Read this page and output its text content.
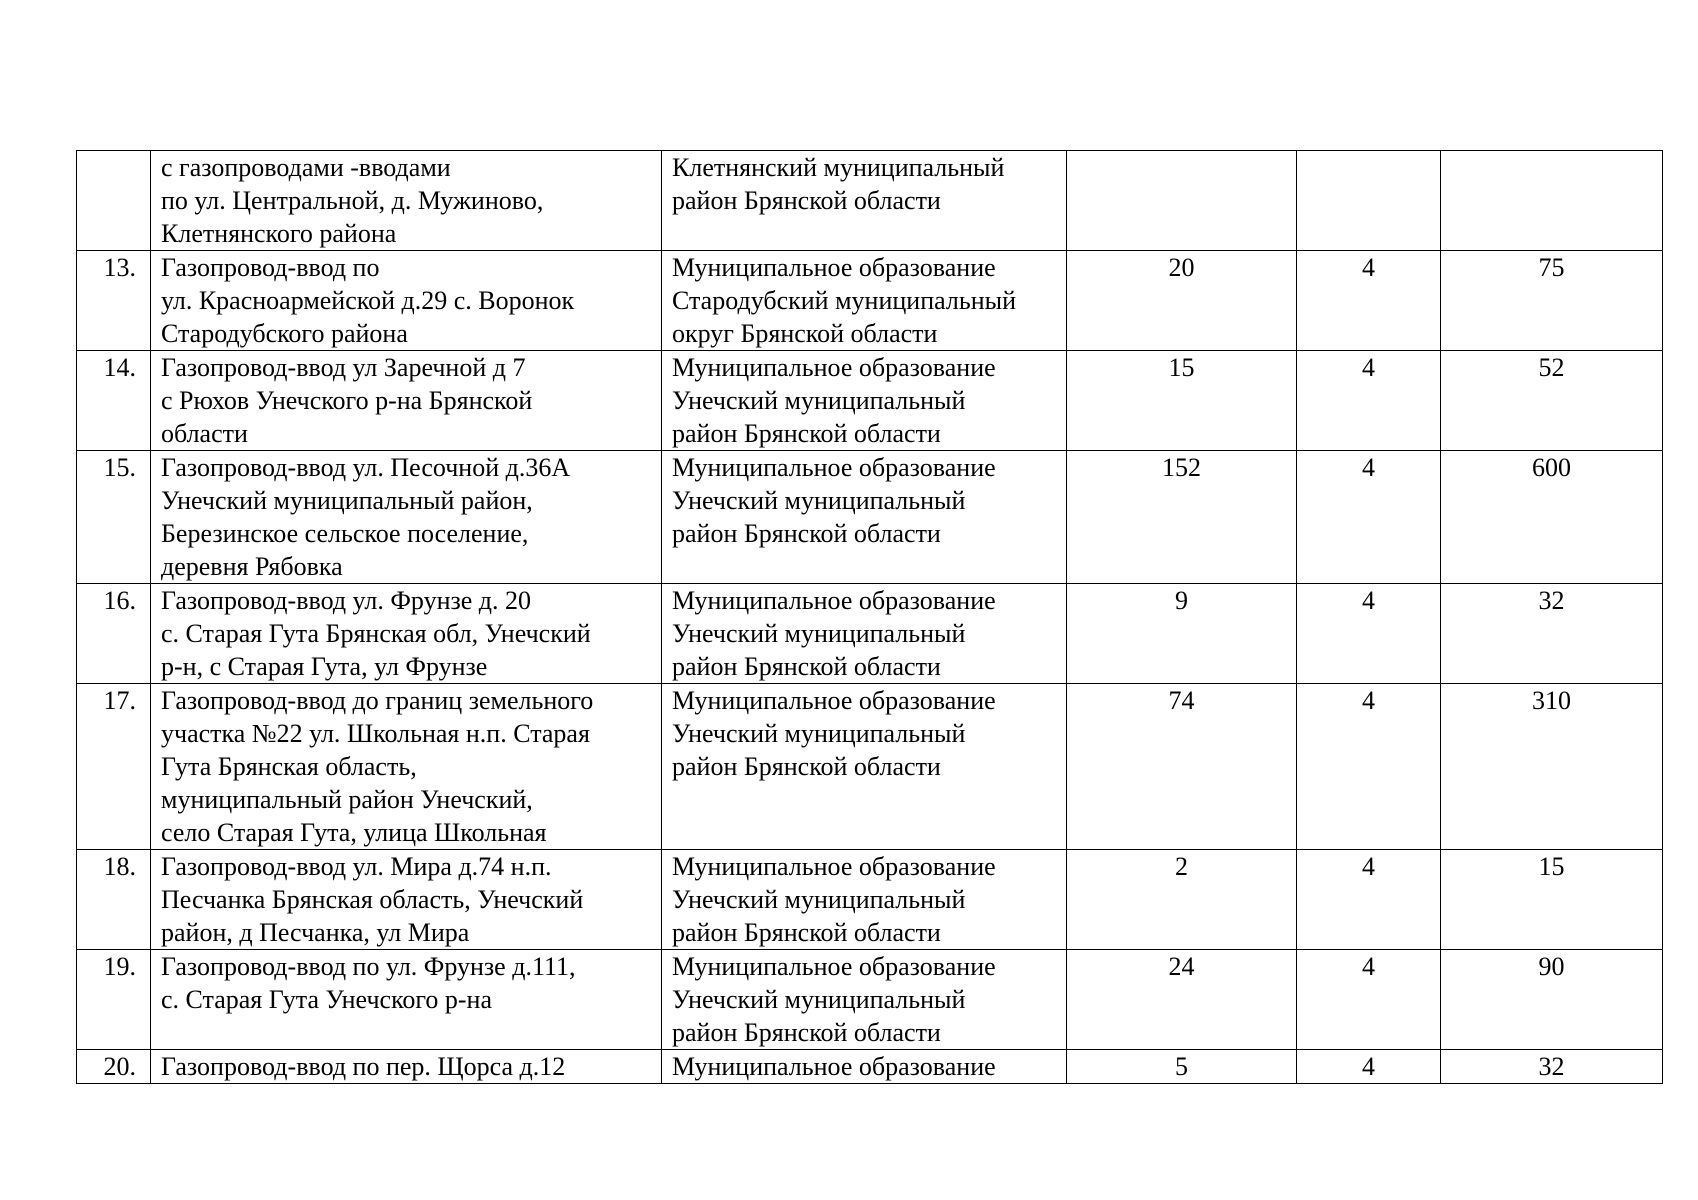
	с газопроводами -вводами
по ул. Центральной, д. Мужиново,
Клетнянского района	Клетнянский муниципальный
район Брянской области			

13.	Газопровод-ввод по
ул. Красноармейской д.29 с. Воронок
Стародубского района	Муниципальное образование
Стародубский муниципальный
округ Брянской области	20	4	75
14.	Газопровод-ввод ул Заречной д 7
с Рюхов Унечского р-на Брянской
области	Муниципальное образование
Унечский муниципальный
район Брянской области	15	4	52
15.	Газопровод-ввод ул. Песочной д.36А
Унечский муниципальный район,
Березинское сельское поселение,
деревня Рябовка	Муниципальное образование
Унечский муниципальный
район Брянской области	152	4	600
16.	Газопровод-ввод ул. Фрунзе д. 20
с. Старая Гута Брянская обл, Унечский
р-н, с Старая Гута, ул Фрунзе	Муниципальное образование
Унечский муниципальный
район Брянской области	9	4	32
17.	Газопровод-ввод до границ земельного
участка №22 ул. Школьная н.п. Старая
Гута Брянская область,
муниципальный район Унечский,
село Старая Гута, улица Школьная	Муниципальное образование
Унечский муниципальный
район Брянской области	74	4	310
18.	Газопровод-ввод ул. Мира д.74 н.п.
Песчанка Брянская область, Унечский
район, д Песчанка, ул Мира	Муниципальное образование
Унечский муниципальный
район Брянской области	2	4	15
19.	Газопровод-ввод по ул. Фрунзе д.111,
с. Старая Гута Унечского р-на	Муниципальное образование
Унечский муниципальный
район Брянской области	24	4	90
20.	Газопровод-ввод по пер. Щорса д.12	Муниципальное образование	5	4	32
